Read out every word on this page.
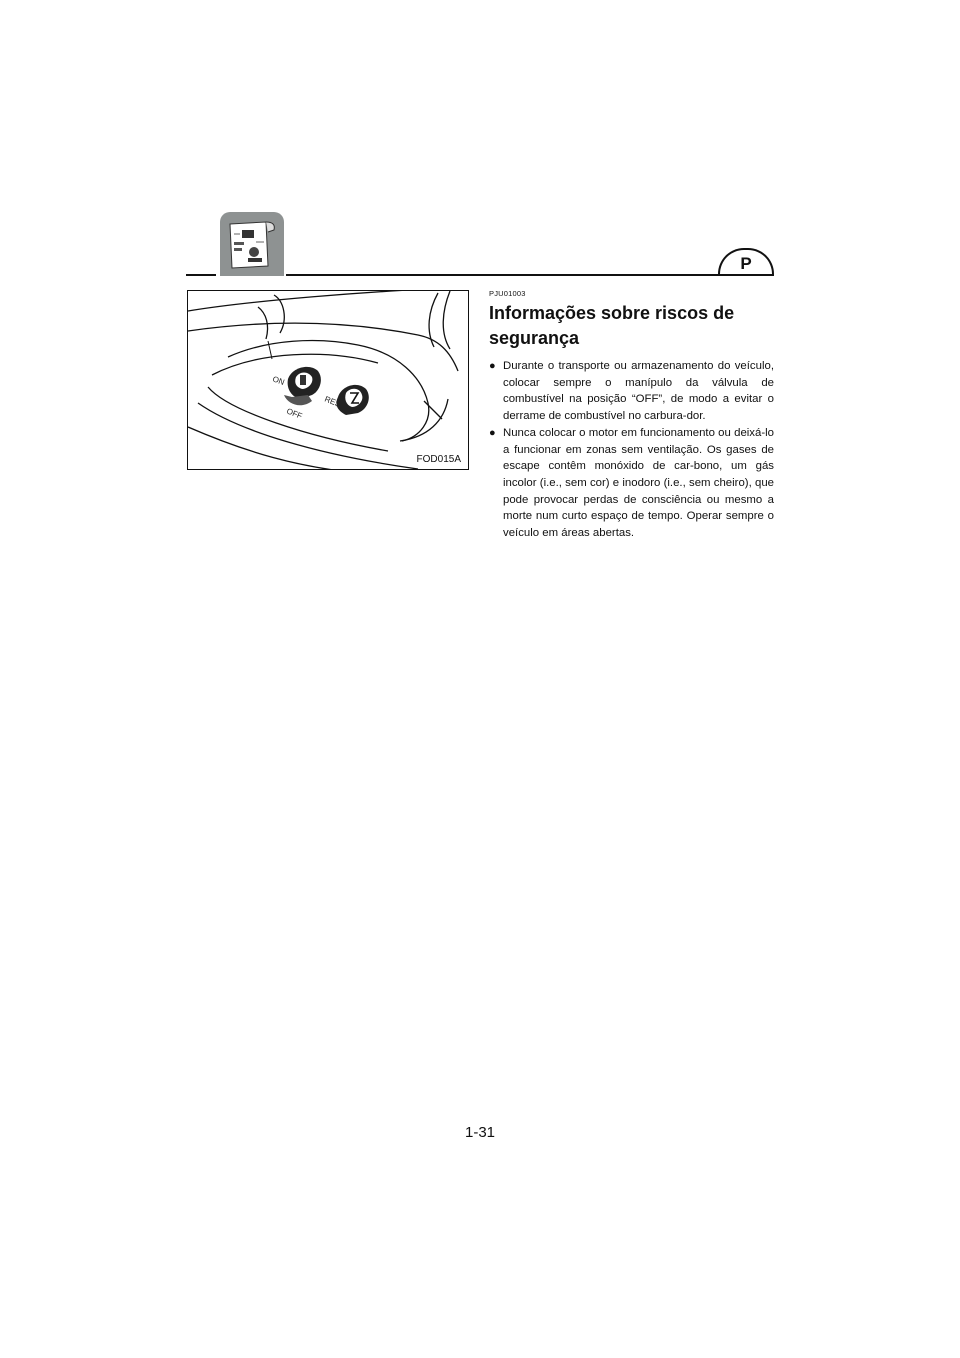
P
ON
OFF
RES
FOD015A
PJU01003
Informações sobre riscos de segurança
● Durante o transporte ou armazenamento do veículo, colocar sempre o manípulo da válvula de combustível na posição “OFF”, de modo a evitar o derrame de combustível no carbura-dor.
● Nunca colocar o motor em funcionamento ou deixá-lo a funcionar em zonas sem ventilação. Os gases de escape contêm monóxido de car-bono, um gás incolor (i.e., sem cor) e inodoro (i.e., sem cheiro), que pode provocar perdas de consciência ou mesmo a morte num curto espaço de tempo. Operar sempre o veículo em áreas abertas.
1-31
